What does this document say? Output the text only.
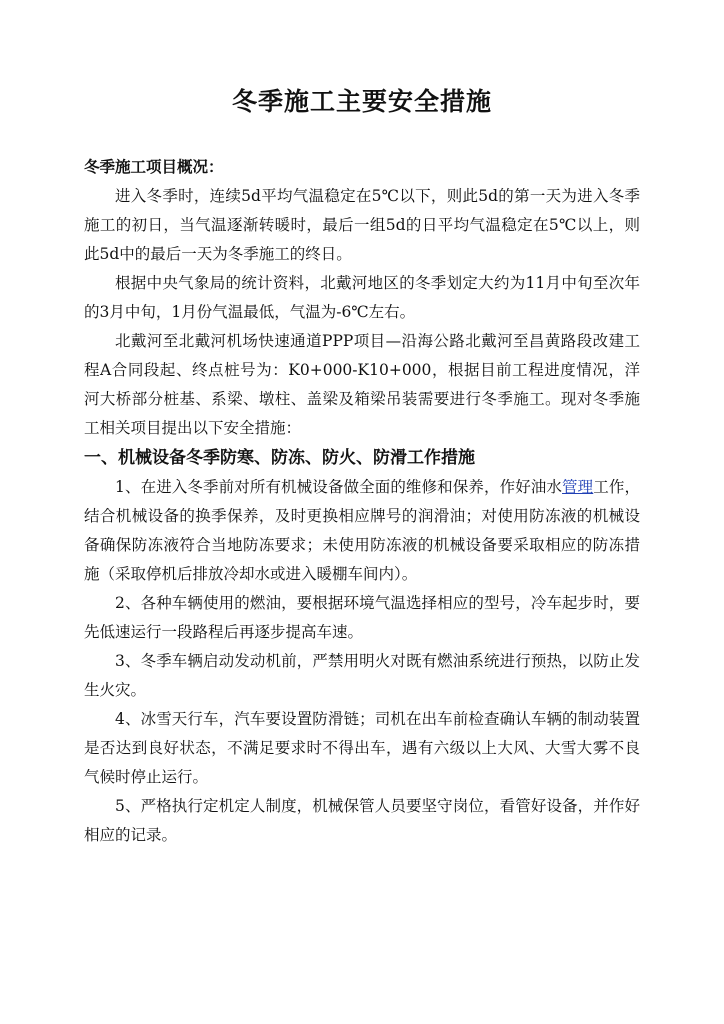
冬季施工主要安全措施
冬季施工项目概况：

进入冬季时，连续5d平均气温稳定在5℃以下，则此5d的第一天为进入冬季施工的初日，当气温逐渐转暖时，最后一组5d的日平均气温稳定在5℃以上，则此5d中的最后一天为冬季施工的终日。

根据中央气象局的统计资料，北戴河地区的冬季划定大约为11月中旬至次年的3月中旬，1月份气温最低，气温为-6℃左右。

北戴河至北戴河机场快速通道PPP项目—沿海公路北戴河至昌黄路段改建工程A合同段起、终点桩号为：K0+000-K10+000，根据目前工程进度情况，洋河大桥部分桩基、系梁、墩柱、盖梁及箱梁吊装需要进行冬季施工。现对冬季施工相关项目提出以下安全措施：

一、机械设备冬季防寒、防冻、防火、防滑工作措施

1、在进入冬季前对所有机械设备做全面的维修和保养，作好油水管理工作，结合机械设备的换季保养，及时更换相应牌号的润滑油；对使用防冻液的机械设备确保防冻液符合当地防冻要求；未使用防冻液的机械设备要采取相应的防冻措施（采取停机后排放冷却水或进入暖棚车间内）。

2、各种车辆使用的燃油，要根据环境气温选择相应的型号，冷车起步时，要先低速运行一段路程后再逐步提高车速。

3、冬季车辆启动发动机前，严禁用明火对既有燃油系统进行预热，以防止发生火灾。

4、冰雪天行车，汽车要设置防滑链；司机在出车前检查确认车辆的制动装置是否达到良好状态，不满足要求时不得出车，遇有六级以上大风、大雪大雾不良气候时停止运行。

5、严格执行定机定人制度，机械保管人员要坚守岗位，看管好设备，并作好相应的记录。
